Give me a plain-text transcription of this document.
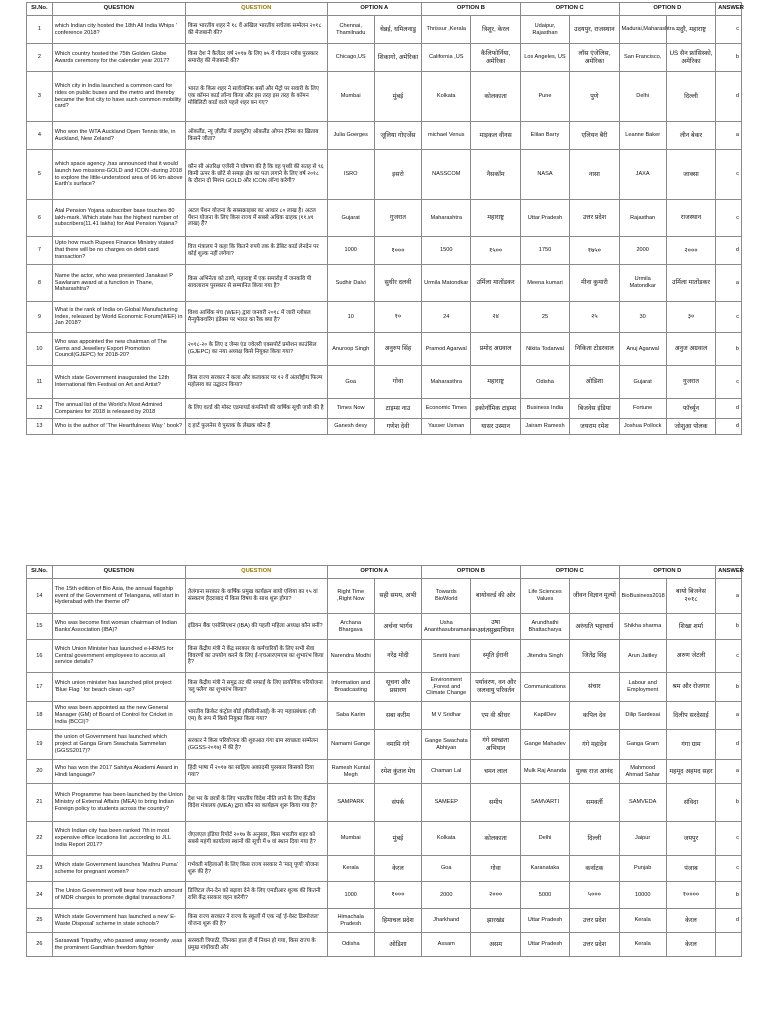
Sl.No.	QUESTION	QUESTION	OPTION A		OPTION B		OPTION C		OPTION D		ANSWER
1	which Indian city hosted the 18th All India Whips ' conference 2018?	किस भारतीय शहर ने १८ वें अखिल भारतीय सचेतक सम्मेलन २०१८ की मेजबानी की?	Chennai, Thamilnadu	चेन्नई, धमिलनाडु	Thrissur ,Kerala	त्रिशूर, केरल	Udaipur, Rajasthan	उदयपुर, राजस्थान	Madurai,Maharashtra	मदुरै, महाराष्ट्र	c
2	Which country hosted the 75th Golden Globe Awards ceremony for the calender year 2017?	किस देश ने कैलेंडर वर्ष २०१७ के लिए ७५ वें गोल्डन ग्लोब पुरस्कार समारोह की मेजबानी की?	Chicago,US	शिकागो, अमेरिका	California ,US	कैलिफोर्निया, अमेरिका	Los Angeles, US	लॉस एंजेलिस, अमेरिका	San Francisco,	US सैन फ्रांसिस्को, अमेरिका	b
3	Which city in India launched a common card for rides on public buses and the metro and thereby became the first city to have such common mobility card?	भारत के किस शहर ने सार्वजनिक बसों और मेट्रो पर सवारी के लिए एक कॉमन कार्ड लॉन्च किया और इस तरह इस तरह के कॉमन मोबिलिटी कार्ड वाले पहले शहर बन गए?	Mumbai	मुंबई	Kolkata	कोलकाता	Pune	पुणे	Delhi	दिल्ली	d
4	Who won the WTA Auckland Open Tennis title, in Auckland, New Zeland?	ऑकलैंड, न्यू ज़ीलैंड में डब्ल्यूटीए ऑकलैंड ओपन टेनिस का ख़िताब किसने जीता?	Julia Goerges	जूलिया गोएर्जेस	michael Venus	माइकल वीनस	Elilan Barry	एलियन बैरी	Leanne Baker	लीन बेकर	a
5	which space agency ,has announced that it would launch two missions-GOLD and ICON -during 2018 to explore the little-understood area of 96 km above Earth's surface?	कौन सी अंतरिक्ष एजेंसी ने घोषणा की है कि वह पृथ्वी की सतह से ९६ किमी ऊपर के छोटे से समझ क्षेत्र का पता लगाने के लिए वर्ष २०१८ के दौरान दो मिशन GOLD और ICON लॉन्च करेगी?	ISRO	इसरो	NASSCOM	नैसकॉम	NASA	नासा	JAXA	जाक्सा	c
6	Atal Pension Yojana subscriber base touches 80 lakh-mark. Which state has the highest number of subscribers(11.41 lakhs) for Atal Pension Yojana?	अटल पेंशन योजना के सब्सक्राइबर का आधार ८० लाख है। अटल पेंशन योजना के लिए किस राज्य में सबसे अधिक ग्राहक (११.४१ लाख) हैं?	Gujarat	गुजरात	Maharashtra	महाराष्ट्र	Uttar Pradesh	उत्तर प्रदेश	Rajasthan	राजस्थान	c
7	Upto how much Rupees Finance Ministry stated that there will be no charges on debit card transaction?	वित्त मंत्रालय ने कहा कि कितने रुपये तक के डेबिट कार्ड लेनदेन पर कोई शुल्क नहीं लगेगा?	1000	१०००	1500	१५००	1750	१७५०	2000	२०००	d
8	Name the actor, who was presented Janakavi P Sawlaram award at a function in Thane, Maharashtra?	किस अभिनेता को ठाणे, महाराष्ट्र में एक समारोह में जनकवि पी सावलाराम पुरस्कार से सम्मानित किया गया है?	Sudhir Dalvi	सुधीर दलवी	Urmila Matondkar	उर्मिला मातोंडकर	Meena kumari	मीना कुमारी	Urmila Matondkar	उर्मिला मातोंडकर	a
9	What is the rank of India on Global Manufacturing Index, released by World Economic Forum(WEF) in Jan 2018?	विश्व आर्थिक मंच (WEF) द्वारा जनवरी २०१८ में जारी ग्लोबल मैन्युफैक्चरिंग इंडेक्स पर भारत का रैंक क्या है?	10	१०	24	२४	25	२५	30	३०	c
10	Who was appointed the new chairman of The Gems and Jewellery Export Promotion Council(GJEPC) for 2018-20?	२०१८-२० के लिए द जेम्स एंड ज्वेलरी एक्सपोर्ट प्रमोशन काउंसिल (GJEPC) का नया अध्यक्ष किसे नियुक्त किया गया?	Anuroop Singh	अनुरुप सिंह	Pramod Agarwal	प्रमोद अग्रवाल	Nikita Todarwal	निकिता टोडरवाल	Anuj Agarwal	अनुज अग्रवाल	b
11	Which state Government inaugurated the 12th International film Festival on Art and Artist?	किस राज्य सरकार ने कला और कलाकार पर १२ वें अंतर्राष्ट्रीय फिल्म महोत्सव का उद्घाटन किया?	Goa	गोवा	Maharasthra	महाराष्ट्र	Odisha	ओडिशा	Gujarat	गुजरात	c
12	The annual list of the World's Most Admired Companies for 2018 is released by 2018	के लिए वर्ल्ड की मोस्ट एडमायर्ड कंपनियों की वार्षिक सूची जारी की है	Times Now	टाइम्स नाउ	Economic Times	इकोनॉमिक टाइम्स	Business India	बिजनेस इंडिया	Fortune	फॉर्च्यून	d
13	Who is the author of 'The Heartfulness Way ' book?	द हार्ट फुलनेस वे पुस्तक के लेखक कौन हैं	Ganesh devy	गणेश देवी	Yasser Usman	यासर उस्मान	Jairam Ramesh	जयराम रमेश	Joshua Pollock	जोशुआ पोलक	d
Sl.No.	QUESTION	QUESTION	OPTION A		OPTION B		OPTION C		OPTION D		ANSWER
14	The 15th edition of Bio Asia, the annual flagship event of the Government of Telangana, will start in Hyderabad with the theme of?	तेलंगाना सरकार के वार्षिक प्रमुख कार्यक्रम बायो एशिया का १५ वां संस्करण हैदराबाद में किस विषय के साथ शुरू होगा?	Right Time ,Right Now	सही समय, अभी	Towards BioWorld	बायोवर्ल्ड की ओर	Life Sciences Values	जीवन विज्ञान मूल्यों	BioBusiness2018	बायो बिजनेस २०१८	a
15	Who was become first woman chairman of Indian Banks'Association (IBA)?	इंडियन बैंक एसोसिएशन (IBA) की पहली महिला अध्यक्ष कौन बनीं?	Archana Bhargava	अर्चना भार्गव	Usha Ananthasubramanian	उषा अनंतसुब्रमणियन	Arundhathi Bhattacharya	अरुंधति भट्टाचार्य	Shikha sharma	शिखा शर्मा	b
16	Which Union Minister has launched e-HRMS for Central government employees to access all service details?	किस केंद्रीय मंत्री ने केंद्र सरकार के कर्मचारियों के लिए सभी सेवा विवरणों का उपयोग करने के लिए ई-एचआरएमएस का शुभारंभ किया है?	Narendra Modhi	नरेंद्र मोदी	Smriti Irani	स्मृति ईरानी	Jitendra Singh	जितेंद्र सिंह	Arun Jaitley	अरुण जेटली	c
17	Which union minister has launched pilot project 'Blue Flag ' for beach clean -up?	किस केंद्रीय मंत्री ने समुद्र तट की सफाई के लिए प्रायोगिक परियोजना 'ब्लू फ्लैग' का शुभारंभ किया?	Information and Broadcasting	सूचना और प्रसारण	Environment ,Forest and Climate Change	पर्यावरण, वन और जलवायु परिवर्तन	Communications	संचार	Labour and Employment	श्रम और रोजगार	b
18	Who was been appointed as the new General Manager (GM) of Board of Control for Cricket in India (BCCI)?	भारतीय क्रिकेट कंट्रोल बोर्ड (बीसीसीआई) के नए महाप्रबंधक (जी एम) के रूप में किसे नियुक्त किया गया?	Saba Karim	सबा करीम	M V Sridhar	एम वी श्रीधर	KapilDev	कपिल देव	Dilip Sardesai	दिलीप सरदेसाई	a
19	the union of Government has launched which project at Ganga Gram Swachata Sammelan (GGSS2017)?	सरकार ने किस परियोजना की शुरुआत गंगा ग्राम स्वच्छता सम्मेलन (GGSS-२०१७) में की है?	Namami Gange	नमामि गंगे	Gange Swachata Abhiyan	गंगे स्वच्छता अभियान	Gange Mahadev	गंगे महादेव	Ganga Gram	गंगा ग्राम	d
20	Who has won the 2017 Sahitya Akademi Award in Hindi language?	हिंदी भाषा में २०१७ का साहित्य अकादमी पुरस्कार किसको दिया गया?	Ramesh Kuntal Megh	रमेश कुंतल मेघ	Chaman Lal	चमन लाल	Mulk Raj Ananda	मुल्क राज आनंद	Mahmood Ahmad Sahar	महमूद अहमद सहर	a
21	Which Programme has been launched by the Union Ministry of External Affairs (MEA) to bring Indian Foreign policy to students across the country?	देश भर के छात्रों के लिए भारतीय विदेश नीति लाने के लिए केंद्रीय विदेश मंत्रालय (MEA) द्वारा कौन सा कार्यक्रम शुरू किया गया है?	SAMPARK	संपर्क	SAMEEP	समीप	SAMVARTI	समवर्ती	SAMVEDA	संविदा	b
22	Which Indian city has been ranked 7th in most expensive office locations list ,according to JLL India Report 2017?	जेएलएल इंडिया रिपोर्ट २०१७ के अनुसार, किस भारतीय शहर को सबसे महंगी कार्यालय स्थानों की सूची में ७ वां स्थान दिया गया है?	Mumbai	मुंबई	Kolkata	कोलकाता	Delhi	दिल्ली	Jaipur	जयपुर	c
23	Which state Government launches 'Mathru Purna' scheme for pregnant women?	गर्भवती महिलाओं के लिए किस राज्य सरकार ने 'मातृ पूर्णा' योजना शुरू की है?	Kerala	केरल	Goa	गोवा	Karanataka	कर्नाटक	Punjab	पंजाब	c
24	The Union Government will bear how much amount of MDR charges to promote digital transactions?	डिजिटल लेन-देन को बढ़ावा देने के लिए एमडीआर शुल्क की कितनी राशि केंद्र सरकार वहन करेगी?	1000	१०००	2000	२०००	5000	५०००	10000	१००००	b
25	Which state Government has launched a new' E-Waste Disposal' scheme in state schools?	किस राज्य सरकार ने राज्य के स्कूलों में एक नई 'ई-वेस्ट डिस्पोजल' योजना शुरू की है?	Himachala Pradesh	हिमाचल प्रदेश	Jharkhand	झारखंड	Uttar Pradesh	उत्तर प्रदेश	Kerala	केरल	d
26	Saraswati Tripathy, who passed away recently ,was the prominent Gandhian freedom fighter	सरस्वती त्रिपाठी, जिनका हाल ही में निधन हो गया, किस राज्य के प्रमुख गांधीवादी और	Odisha	ओडिशा	Assam	असम	Uttar Pradesh	उत्तर प्रदेश	Kerala	केरल	
